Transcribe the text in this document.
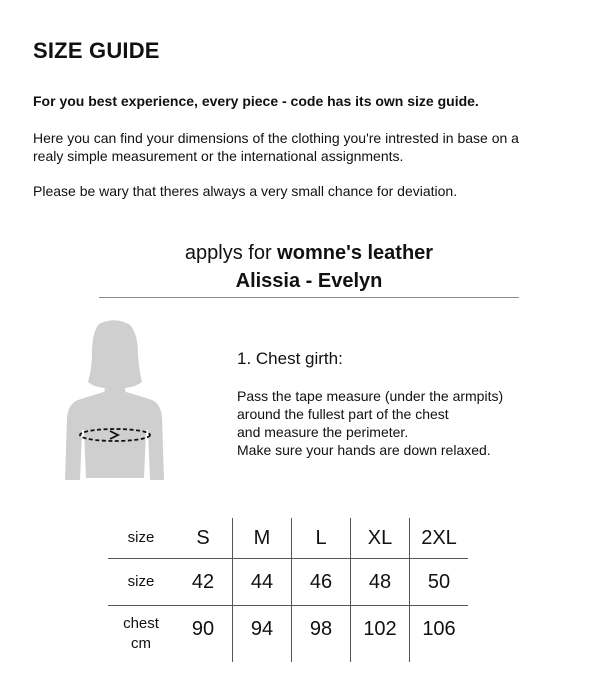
SIZE GUIDE
For you best experience, every piece - code has its own size guide.
Here you can find your dimensions of the clothing you're intrested in base on a
realy simple measurement or the international assignments.
Please be wary that theres always a very small chance for deviation.
applys for womne's leather
Alissia - Evelyn
1. Chest girth:
Pass the tape measure (under the armpits)
around the fullest part of the chest
and measure the perimeter.
Make sure your hands are down relaxed.
size	S	M	L	XL	2XL
size	42	44	46	48	50

chest
cm	90	94	98	102	106
